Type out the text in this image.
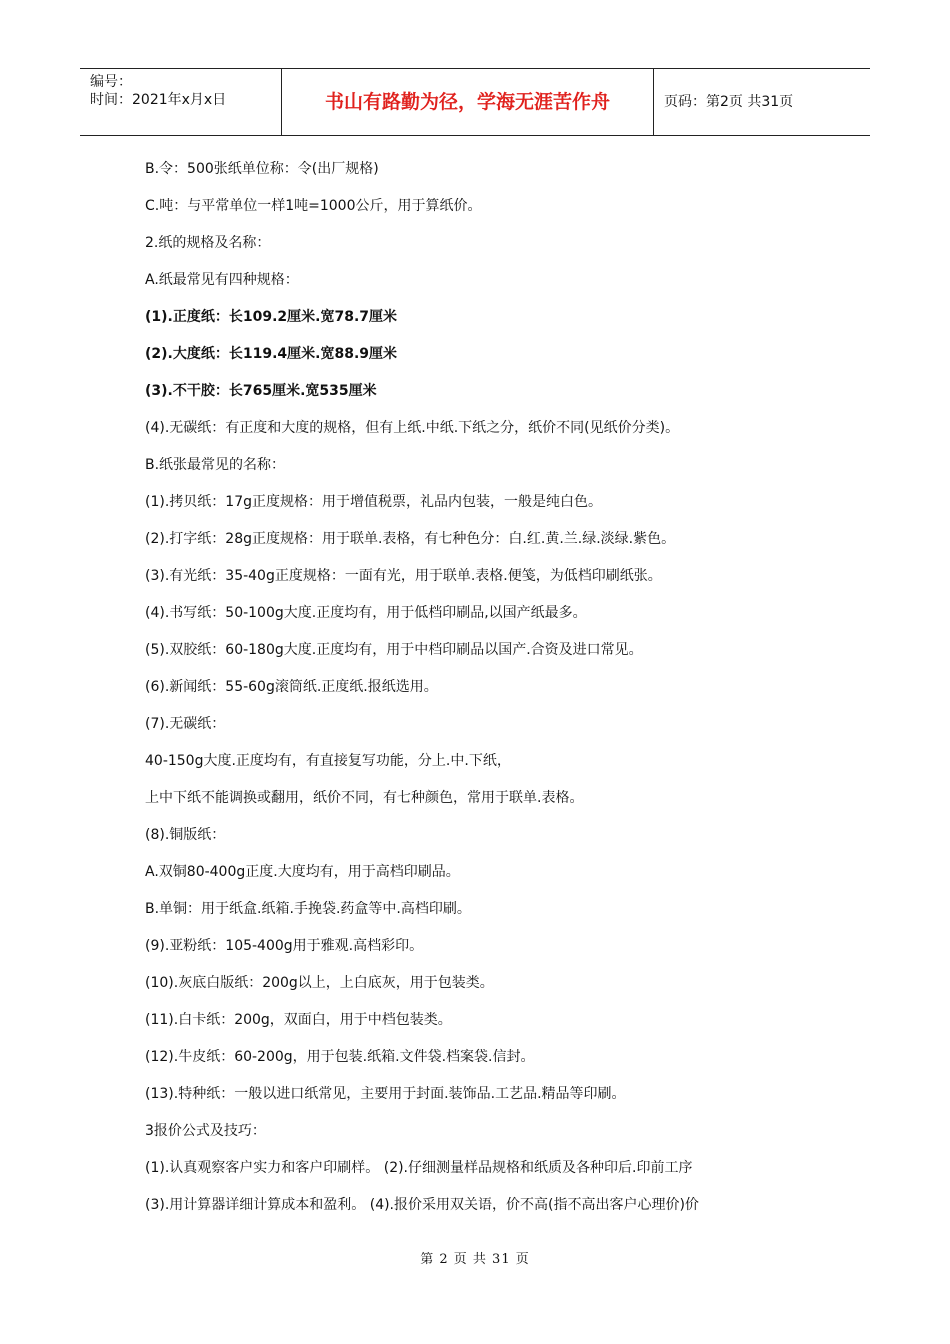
编号：
时间：2021年x月x日	书山有路勤为径，学海无涯苦作舟	页码：第2页 共31页

B.令：500张纸单位称：令(出厂规格)

C.吨：与平常单位一样1吨=1000公斤，用于算纸价。

2.纸的规格及名称：

A.纸最常见有四种规格：

(1).正度纸：长109.2厘米.宽78.7厘米

(2).大度纸：长119.4厘米.宽88.9厘米

(3).不干胶：长765厘米.宽535厘米

(4).无碳纸：有正度和大度的规格，但有上纸.中纸.下纸之分，纸价不同(见纸价分类)。

B.纸张最常见的名称：

(1).拷贝纸：17g正度规格：用于增值税票，礼品内包装，一般是纯白色。

(2).打字纸：28g正度规格：用于联单.表格，有七种色分：白.红.黄.兰.绿.淡绿.紫色。

(3).有光纸：35-40g正度规格：一面有光，用于联单.表格.便笺，为低档印刷纸张。

(4).书写纸：50-100g大度.正度均有，用于低档印刷品,以国产纸最多。

(5).双胶纸：60-180g大度.正度均有，用于中档印刷品以国产.合资及进口常见。

(6).新闻纸：55-60g滚筒纸.正度纸.报纸选用。

(7).无碳纸：

40-150g大度.正度均有，有直接复写功能，分上.中.下纸，

上中下纸不能调换或翻用，纸价不同，有七种颜色，常用于联单.表格。

(8).铜版纸：

A.双铜80-400g正度.大度均有，用于高档印刷品。

B.单铜：用于纸盒.纸箱.手挽袋.药盒等中.高档印刷。

(9).亚粉纸：105-400g用于雅观.高档彩印。

(10).灰底白版纸：200g以上，上白底灰，用于包装类。

(11).白卡纸：200g，双面白，用于中档包装类。

(12).牛皮纸：60-200g，用于包装.纸箱.文件袋.档案袋.信封。

(13).特种纸：一般以进口纸常见，主要用于封面.装饰品.工艺品.精品等印刷。

3报价公式及技巧：

(1).认真观察客户实力和客户印刷样。 (2).仔细测量样品规格和纸质及各种印后.印前工序

(3).用计算器详细计算成本和盈利。 (4).报价采用双关语，价不高(指不高出客户心理价)价

第 2 页 共 31 页
